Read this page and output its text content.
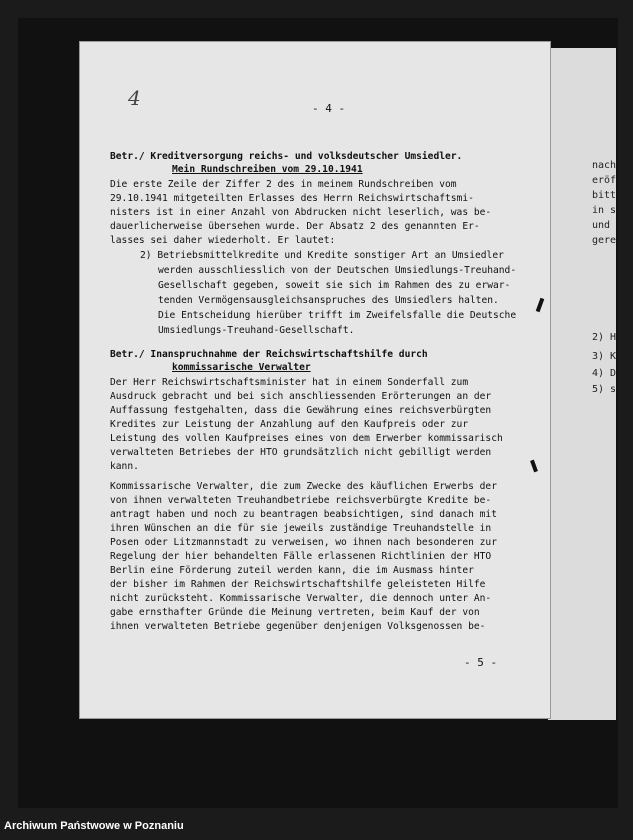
nach
eröf
bitt
in s
und
gere
2) H
3) K
4) D
5) s
4	- 4 -
Betr./ Kreditversorgung reichs- und volksdeutscher Umsiedler.
Mein Rundschreiben vom 29.10.1941
Die erste Zeile der Ziffer 2 des in meinem Rundschreiben vom
29.10.1941 mitgeteilten Erlasses des Herrn Reichswirtschaftsmi-
nisters ist in einer Anzahl von Abdrucken nicht leserlich, was be-
dauerlicherweise übersehen wurde. Der Absatz 2 des genannten Er-
lasses sei daher wiederholt. Er lautet:
2) Betriebsmittelkredite und Kredite sonstiger Art an Umsiedler
werden ausschliesslich von der Deutschen Umsiedlungs-Treuhand-
Gesellschaft gegeben, soweit sie sich im Rahmen des zu erwar-
tenden Vermögensausgleichsanspruches des Umsiedlers halten.
Die Entscheidung hierüber trifft im Zweifelsfalle die Deutsche
Umsiedlungs-Treuhand-Gesellschaft.
Betr./ Inanspruchnahme der Reichswirtschaftshilfe durch
kommissarische Verwalter
Der Herr Reichswirtschaftsminister hat in einem Sonderfall zum
Ausdruck gebracht und bei sich anschliessenden Erörterungen an der
Auffassung festgehalten, dass die Gewährung eines reichsverbürgten
Kredites zur Leistung der Anzahlung auf den Kaufpreis oder zur
Leistung des vollen Kaufpreises eines von dem Erwerber kommissarisch
verwalteten Betriebes der HTO grundsätzlich nicht gebilligt werden
kann.
Kommissarische Verwalter, die zum Zwecke des käuflichen Erwerbs der
von ihnen verwalteten Treuhandbetriebe reichsverbürgte Kredite be-
antragt haben und noch zu beantragen beabsichtigen, sind danach mit
ihren Wünschen an die für sie jeweils zuständige Treuhandstelle in
Posen oder Litzmannstadt zu verweisen, wo ihnen nach besonderen zur
Regelung der hier behandelten Fälle erlassenen Richtlinien der HTO
Berlin eine Förderung zuteil werden kann, die im Ausmass hinter
der bisher im Rahmen der Reichswirtschaftshilfe geleisteten Hilfe
nicht zurücksteht. Kommissarische Verwalter, die dennoch unter An-
gabe ernsthafter Gründe die Meinung vertreten, beim Kauf der von
ihnen verwalteten Betriebe gegenüber denjenigen Volksgenossen be-
- 5 -
Archiwum Państwowe w Poznaniu
